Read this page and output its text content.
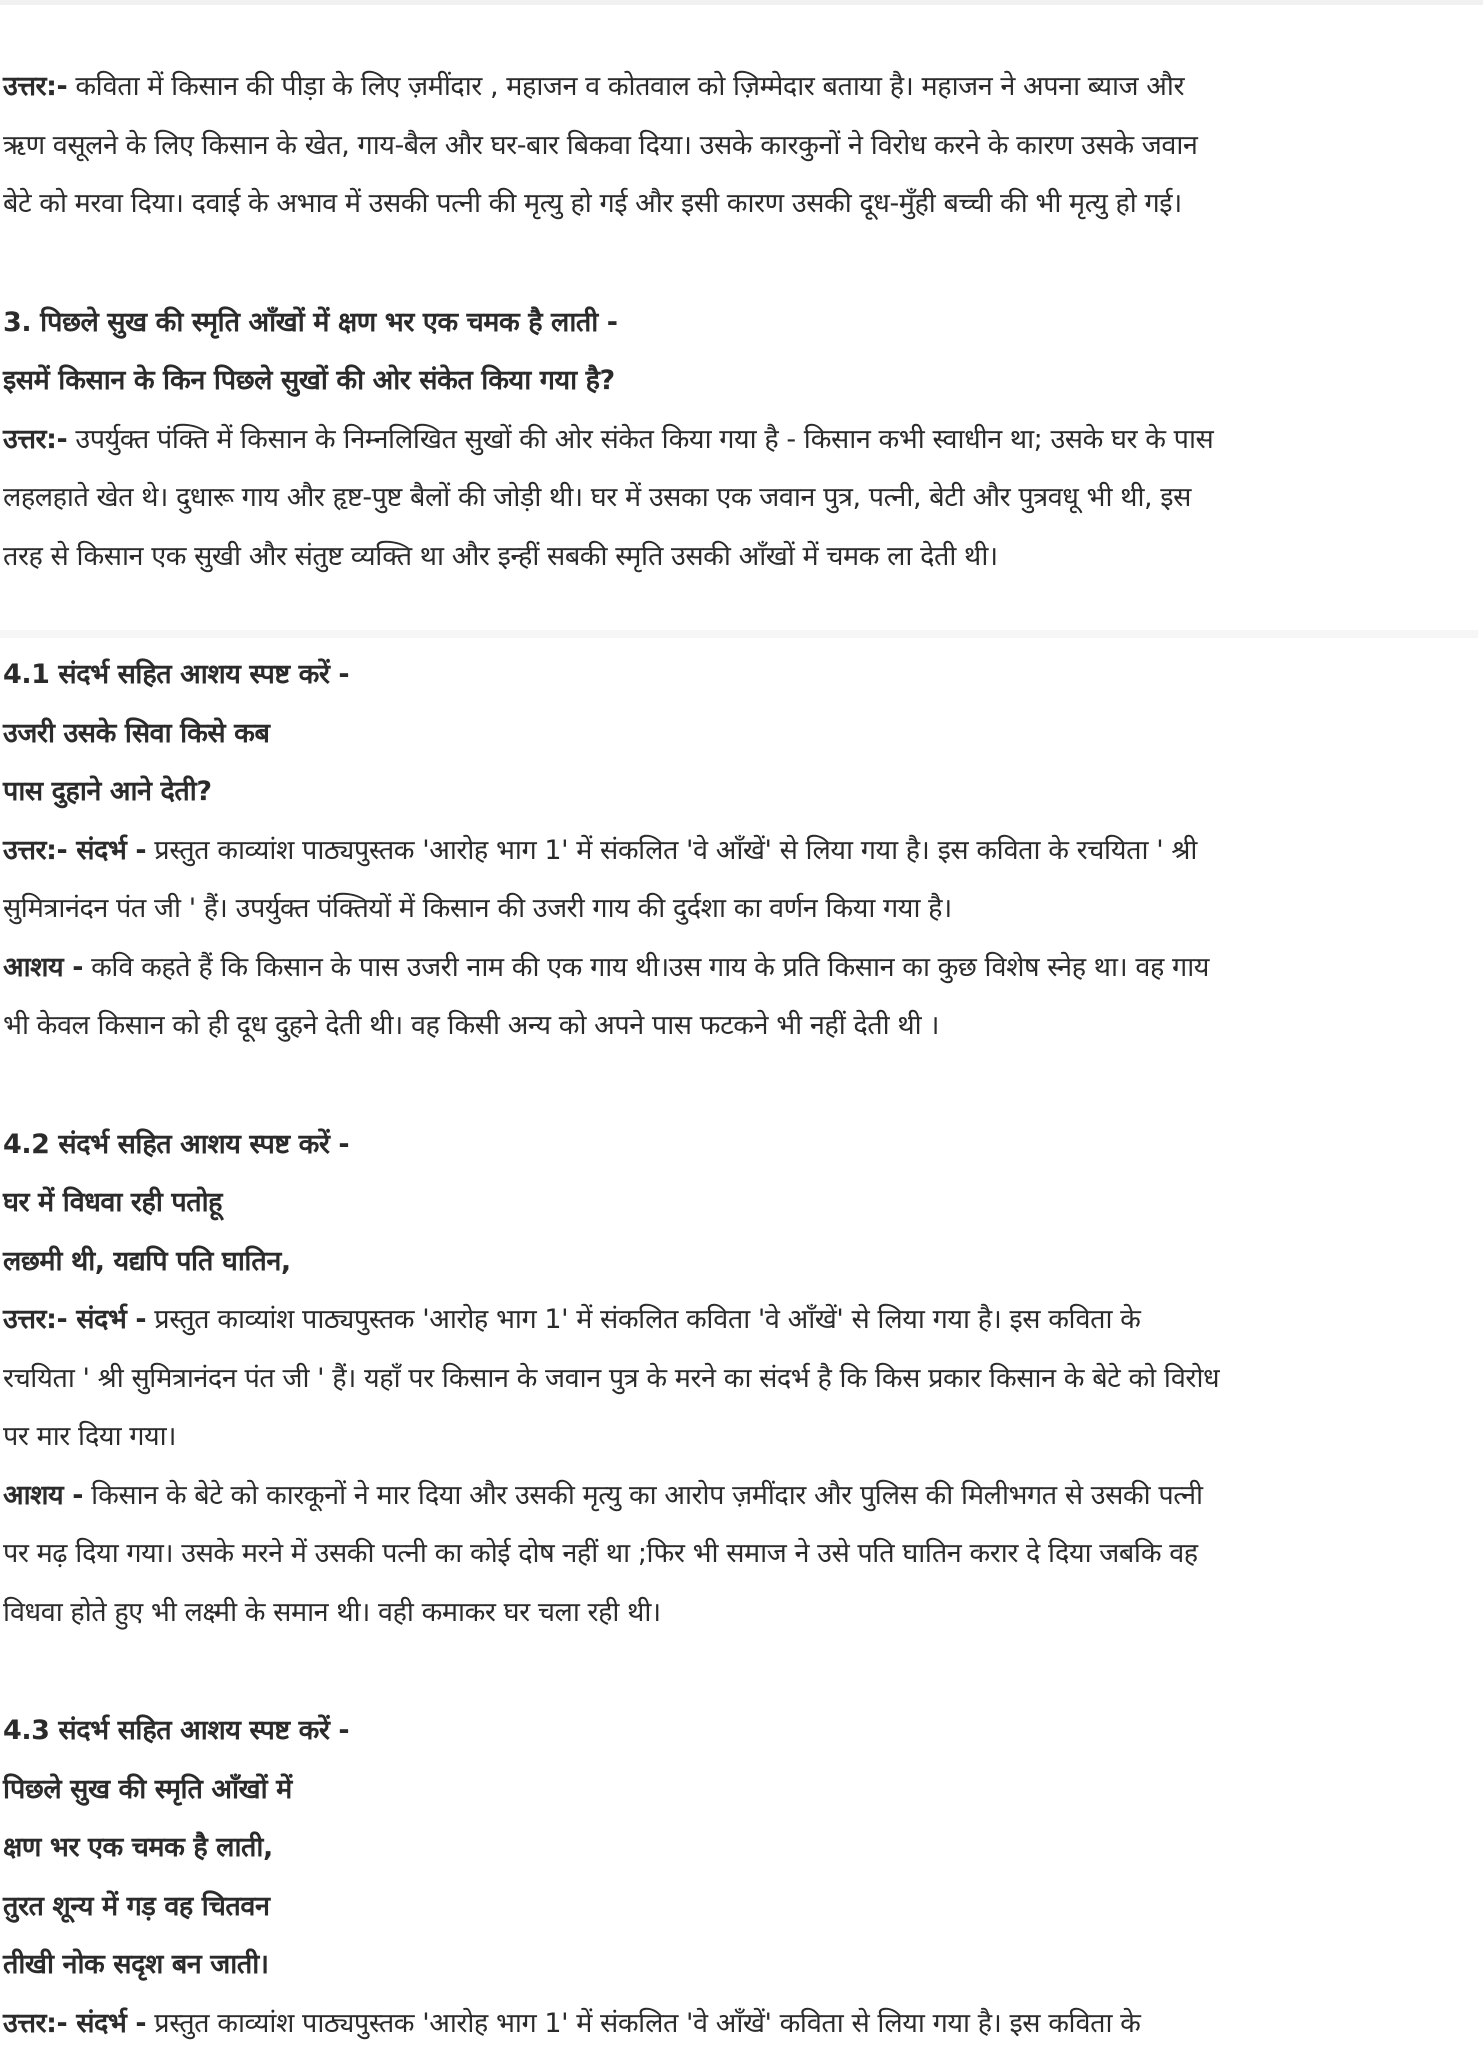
उत्तर:- कविता में किसान की पीड़ा के लिए ज़मींदार , महाजन व कोतवाल को ज़िम्मेदार बताया है। महाजन ने अपना ब्याज और

ऋण वसूलने के लिए किसान के खेत, गाय-बैल और घर-बार बिकवा दिया। उसके कारकुनों ने विरोध करने के कारण उसके जवान

बेटे को मरवा दिया। दवाई के अभाव में उसकी पत्नी की मृत्यु हो गई और इसी कारण उसकी दूध-मुँही बच्ची की भी मृत्यु हो गई।

3. पिछले सुख की स्मृति आँखों में क्षण भर एक चमक है लाती -

इसमें किसान के किन पिछले सुखों की ओर संकेत किया गया है?

उत्तर:- उपर्युक्त पंक्ति में किसान के निम्नलिखित सुखों की ओर संकेत किया गया है - किसान कभी स्वाधीन था; उसके घर के पास

लहलहाते खेत थे। दुधारू गाय और हृष्ट-पुष्ट बैलों की जोड़ी थी। घर में उसका एक जवान पुत्र, पत्नी, बेटी और पुत्रवधू भी थी, इस

तरह से किसान एक सुखी और संतुष्ट व्यक्ति था और इन्हीं सबकी स्मृति उसकी आँखों में चमक ला देती थी।

4.1 संदर्भ सहित आशय स्पष्ट करें -

उजरी उसके सिवा किसे कब

पास दुहाने आने देती?

उत्तर:- संदर्भ - प्रस्तुत काव्यांश पाठ्यपुस्तक 'आरोह भाग 1' में संकलित 'वे आँखें' से लिया गया है। इस कविता के रचयिता ' श्री

सुमित्रानंदन पंत जी ' हैं। उपर्युक्त पंक्तियों में किसान की उजरी गाय की दुर्दशा का वर्णन किया गया है।

आशय - कवि कहते हैं कि किसान के पास उजरी नाम की एक गाय थी।उस गाय के प्रति किसान का कुछ विशेष स्नेह था। वह गाय

भी केवल किसान को ही दूध दुहने देती थी। वह किसी अन्य को अपने पास फटकने भी नहीं देती थी ।

4.2 संदर्भ सहित आशय स्पष्ट करें -

घर में विधवा रही पतोहू

लछमी थी, यद्यपि पति घातिन,

उत्तर:- संदर्भ - प्रस्तुत काव्यांश पाठ्यपुस्तक 'आरोह भाग 1' में संकलित कविता 'वे आँखें' से लिया गया है। इस कविता के

रचयिता ' श्री सुमित्रानंदन पंत जी ' हैं। यहाँ पर किसान के जवान पुत्र के मरने का संदर्भ है कि किस प्रकार किसान के बेटे को विरोध

पर मार दिया गया।

आशय - किसान के बेटे को कारकूनों ने मार दिया और उसकी मृत्यु का आरोप ज़मींदार और पुलिस की मिलीभगत से उसकी पत्नी

पर मढ़ दिया गया। उसके मरने में उसकी पत्नी का कोई दोष नहीं था ;फिर भी समाज ने उसे पति घातिन करार दे दिया जबकि वह

विधवा होते हुए भी लक्ष्मी के समान थी। वही कमाकर घर चला रही थी।

4.3 संदर्भ सहित आशय स्पष्ट करें -

पिछले सुख की स्मृति आँखों में

क्षण भर एक चमक है लाती,

तुरत शून्य में गड़ वह चितवन

तीखी नोक सदृश बन जाती।

उत्तर:- संदर्भ - प्रस्तुत काव्यांश पाठ्यपुस्तक 'आरोह भाग 1' में संकलित 'वे आँखें' कविता से लिया गया है। इस कविता के
